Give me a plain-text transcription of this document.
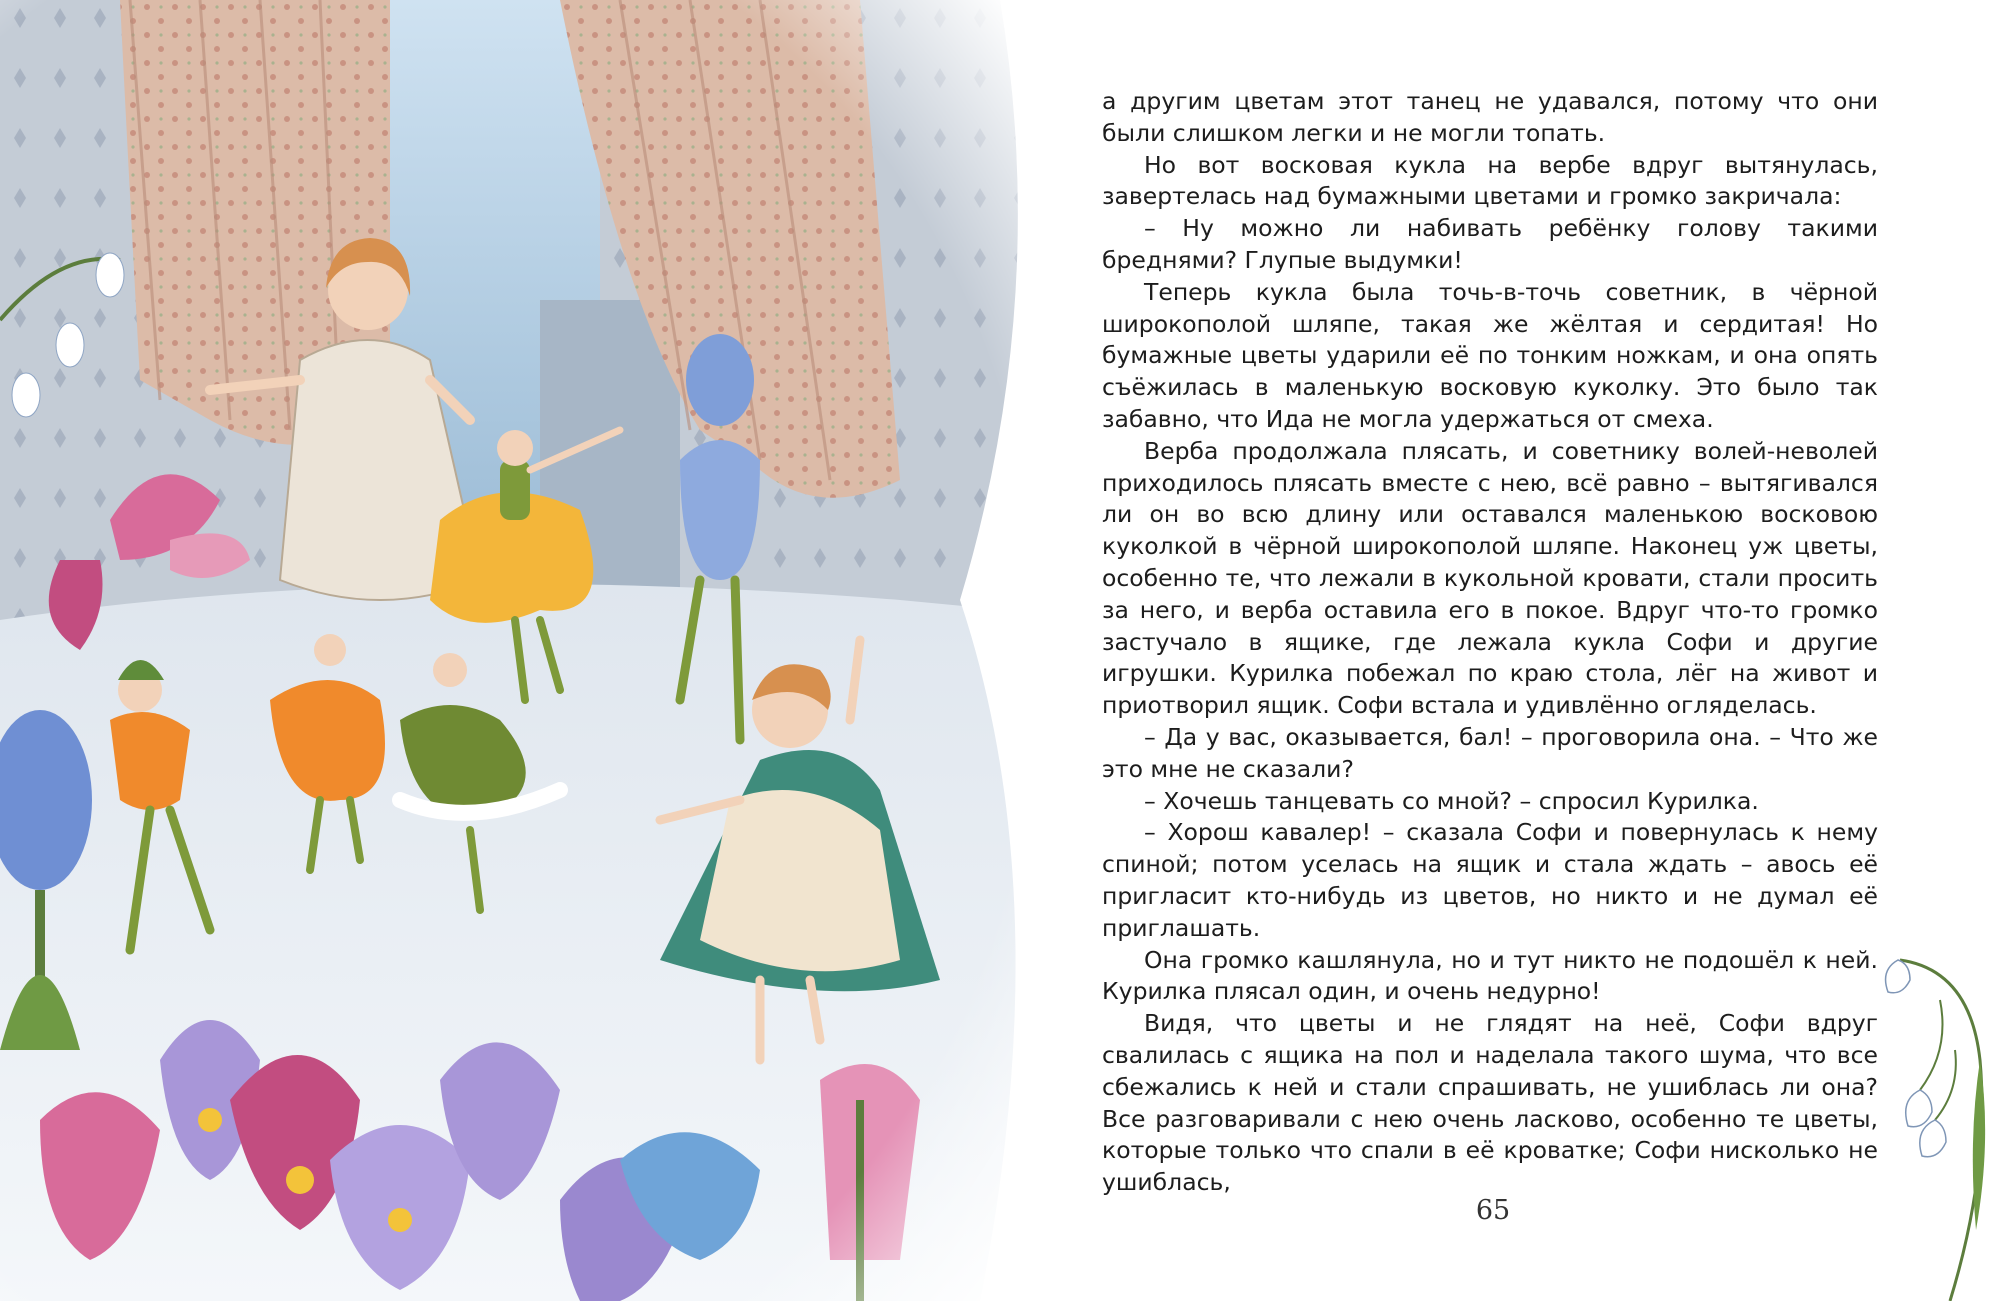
а другим цветам этот танец не удавался, потому что они были слишком легки и не могли топать.

Но вот восковая кукла на вербе вдруг вытянулась, завертелась над бумажными цветами и громко закричала:

– Ну можно ли набивать ребёнку голову такими бреднями? Глупые выдумки!

Теперь кукла была точь-в-точь советник, в чёрной широкополой шляпе, такая же жёлтая и сердитая! Но бумажные цветы ударили её по тонким ножкам, и она опять съёжилась в маленькую восковую куколку. Это было так забавно, что Ида не могла удержаться от смеха.

Верба продолжала плясать, и советнику волей-неволей приходилось плясать вместе с нею, всё равно – вытягивался ли он во всю длину или оставался маленькою восковою куколкой в чёрной широкополой шляпе. Наконец уж цветы, особенно те, что лежали в кукольной кровати, стали просить за него, и верба оставила его в покое. Вдруг что-то громко застучало в ящике, где лежала кукла Софи и другие игрушки. Курилка побежал по краю стола, лёг на живот и приотворил ящик. Софи встала и удивлённо огляделась.

– Да у вас, оказывается, бал! – проговорила она. – Что же это мне не сказали?

– Хочешь танцевать со мной? – спросил Курилка.

– Хорош кавалер! – сказала Софи и повернулась к нему спиной; потом уселась на ящик и стала ждать – авось её пригласит кто-нибудь из цветов, но никто и не думал её приглашать.

Она громко кашлянула, но и тут никто не подошёл к ней. Курилка плясал один, и очень недурно!

Видя, что цветы и не глядят на неё, Софи вдруг свалилась с ящика на пол и наделала такого шума, что все сбежались к ней и стали спрашивать, не ушиблась ли она? Все разговаривали с нею очень ласково, особенно те цветы, которые только что спали в её кроватке; Софи нисколько не ушиблась,

65
